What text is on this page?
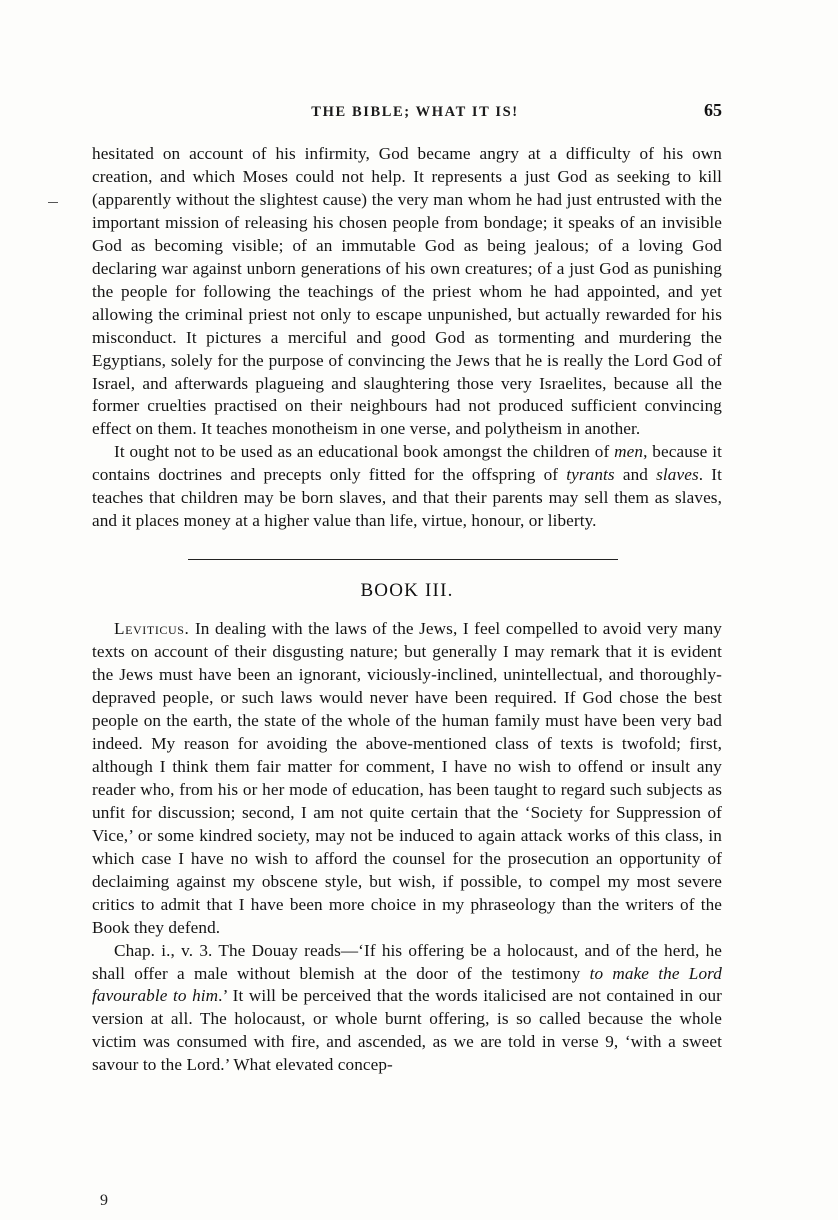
THE BIBLE; WHAT IT IS!	65

hesitated on account of his infirmity, God became angry at a difficulty of his own creation, and which Moses could not help. It represents a just God as seeking to kill (apparently without the slightest cause) the very man whom he had just entrusted with the important mission of releasing his chosen people from bondage; it speaks of an invisible God as becoming visible; of an immutable God as being jealous; of a loving God declaring war against unborn generations of his own creatures; of a just God as punishing the people for following the teachings of the priest whom he had appointed, and yet allowing the criminal priest not only to escape unpunished, but actually rewarded for his misconduct. It pictures a merciful and good God as tormenting and murdering the Egyptians, solely for the purpose of convincing the Jews that he is really the Lord God of Israel, and afterwards plagueing and slaughtering those very Israelites, because all the former cruelties practised on their neighbours had not produced sufficient convincing effect on them. It teaches monotheism in one verse, and polytheism in another.

It ought not to be used as an educational book amongst the children of men, because it contains doctrines and precepts only fitted for the offspring of tyrants and slaves. It teaches that children may be born slaves, and that their parents may sell them as slaves, and it places money at a higher value than life, virtue, honour, or liberty.

BOOK III.

Leviticus. In dealing with the laws of the Jews, I feel compelled to avoid very many texts on account of their disgusting nature; but generally I may remark that it is evident the Jews must have been an ignorant, viciously-inclined, unintellectual, and thoroughly-depraved people, or such laws would never have been required. If God chose the best people on the earth, the state of the whole of the human family must have been very bad indeed. My reason for avoiding the above-mentioned class of texts is twofold; first, although I think them fair matter for comment, I have no wish to offend or insult any reader who, from his or her mode of education, has been taught to regard such subjects as unfit for discussion; second, I am not quite certain that the ‘Society for Suppression of Vice,’ or some kindred society, may not be induced to again attack works of this class, in which case I have no wish to afford the counsel for the prosecution an opportunity of declaiming against my obscene style, but wish, if possible, to compel my most severe critics to admit that I have been more choice in my phraseology than the writers of the Book they defend.

Chap. i., v. 3. The Douay reads—‘If his offering be a holocaust, and of the herd, he shall offer a male without blemish at the door of the testimony to make the Lord favourable to him.’ It will be perceived that the words italicised are not contained in our version at all. The holocaust, or whole burnt offering, is so called because the whole victim was consumed with fire, and ascended, as we are told in verse 9, ‘with a sweet savour to the Lord.’ What elevated concep-

9
